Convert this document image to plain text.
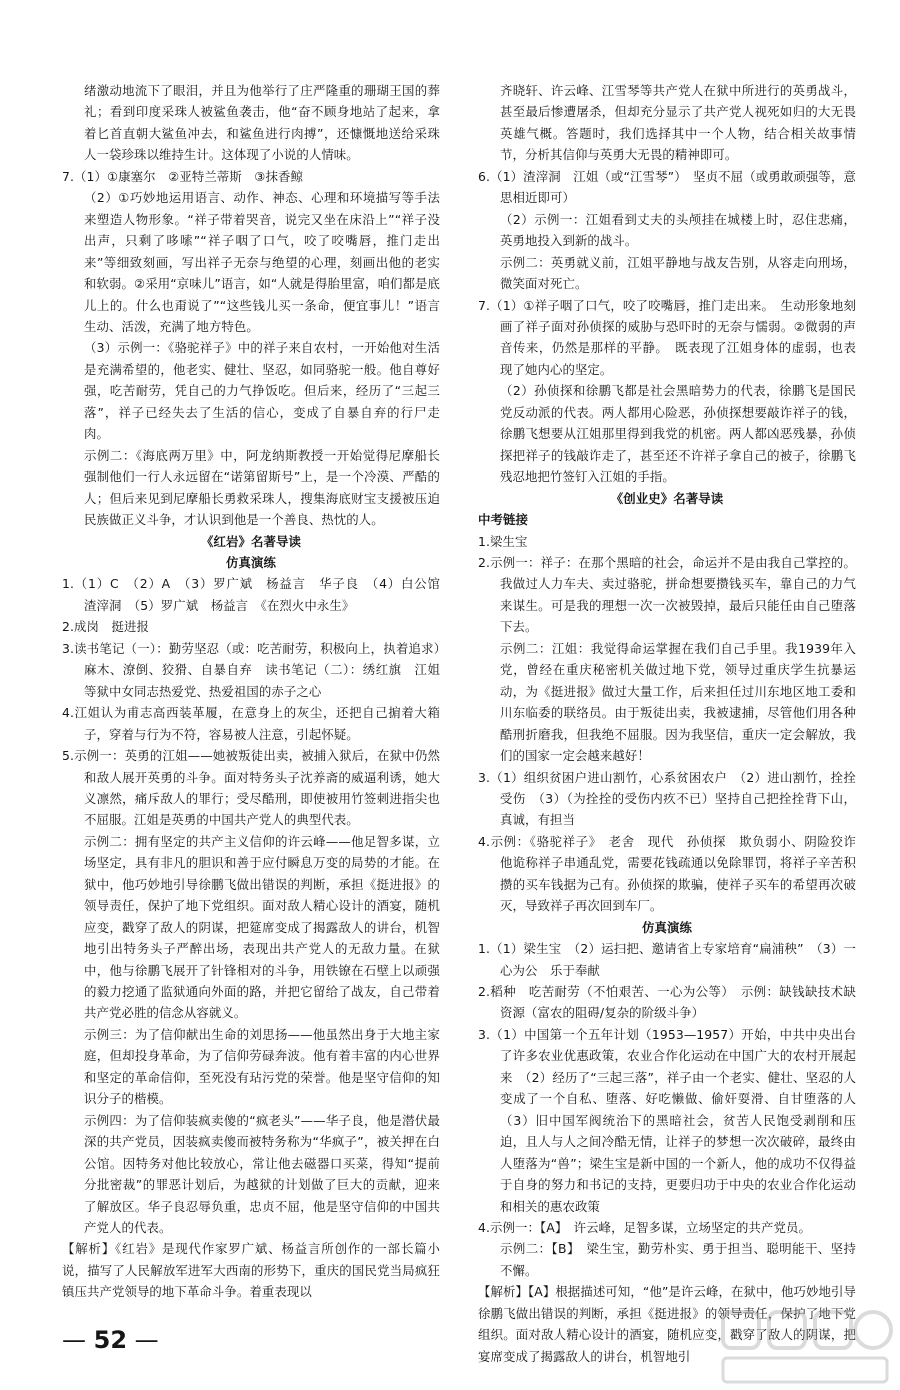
绪激动地流下了眼泪，并且为他举行了庄严隆重的珊瑚王国的葬礼；看到印度采珠人被鲨鱼袭击，他“奋不顾身地站了起来，拿着匕首直朝大鲨鱼冲去，和鲨鱼进行肉搏”，还慷慨地送给采珠人一袋珍珠以维持生计。这体现了小说的人情味。

7.（1）①康塞尔　②亚特兰蒂斯　③抹香鲸

（2）①巧妙地运用语言、动作、神态、心理和环境描写等手法来塑造人物形象。“祥子带着哭音，说完又坐在床沿上”“祥子没出声，只剩了哆嗦”“祥子咽了口气，咬了咬嘴唇，推门走出来”等细致刻画，写出祥子无奈与绝望的心理，刻画出他的老实和软弱。②采用“京味儿”语言，如“人就是得胎里富，咱们都是底儿上的。什么也甭说了”“这些钱儿买一条命，便宜事儿！”语言生动、活泼，充满了地方特色。

（3）示例一：《骆驼祥子》中的祥子来自农村，一开始他对生活是充满希望的，他老实、健壮、坚忍，如同骆驼一般。他自尊好强，吃苦耐劳，凭自己的力气挣饭吃。但后来，经历了“三起三落”，祥子已经失去了生活的信心，变成了自暴自弃的行尸走肉。

示例二：《海底两万里》中，阿龙纳斯教授一开始觉得尼摩船长强制他们一行人永远留在“诺第留斯号”上，是一个冷漠、严酷的人；但后来见到尼摩船长勇救采珠人，搜集海底财宝支援被压迫民族做正义斗争，才认识到他是一个善良、热忱的人。

《红岩》名著导读

仿真演练

1.（1）C　（2）A　（3）罗广斌　杨益言　华子良　（4）白公馆　渣滓洞　（5）罗广斌　杨益言　《在烈火中永生》

2.成岗　挺进报

3.读书笔记（一）：勤劳坚忍（或：吃苦耐劳，积极向上，执着追求）　麻木、潦倒、狡猾、自暴自弃　读书笔记（二）：绣红旗　江姐等狱中女同志热爱党、热爱祖国的赤子之心

4.江姐认为甫志高西装革履，在意身上的灰尘，还把自己掮着大箱子，穿着与行为不符，容易被人注意，引起怀疑。

5.示例一：英勇的江姐——她被叛徒出卖，被捕入狱后，在狱中仍然和敌人展开英勇的斗争。面对特务头子沈养斋的威逼利诱，她大义凛然，痛斥敌人的罪行；受尽酷刑，即使被用竹签刺进指尖也不屈服。江姐是英勇的中国共产党人的典型代表。

示例二：拥有坚定的共产主义信仰的许云峰——他足智多谋，立场坚定，具有非凡的胆识和善于应付瞬息万变的局势的才能。在狱中，他巧妙地引导徐鹏飞做出错误的判断，承担《挺进报》的领导责任，保护了地下党组织。面对敌人精心设计的酒宴，随机应变，戳穿了敌人的阴谋，把筵席变成了揭露敌人的讲台，机智地引出特务头子严醉出场，表现出共产党人的无敌力量。在狱中，他与徐鹏飞展开了针锋相对的斗争，用铁镣在石壁上以顽强的毅力挖通了监狱通向外面的路，并把它留给了战友，自己带着共产党必胜的信念从容就义。

示例三：为了信仰献出生命的刘思扬——他虽然出身于大地主家庭，但却投身革命，为了信仰劳碌奔波。他有着丰富的内心世界和坚定的革命信仰，至死没有玷污党的荣誉。他是坚守信仰的知识分子的楷模。

示例四：为了信仰装疯卖傻的“疯老头”——华子良，他是潜伏最深的共产党员，因装疯卖傻而被特务称为“华疯子”，被关押在白公馆。因特务对他比较放心，常让他去磁器口买菜，得知“提前分批密裁”的罪恶计划后，为越狱的计划做了巨大的贡献，迎来了解放区。华子良忍辱负重，忠贞不屈，他是坚守信仰的中国共产党人的代表。

【解析】《红岩》是现代作家罗广斌、杨益言所创作的一部长篇小说，描写了人民解放军进军大西南的形势下，重庆的国民党当局疯狂镇压共产党领导的地下革命斗争。着重表现以

齐晓轩、许云峰、江雪琴等共产党人在狱中所进行的英勇战斗，甚至最后惨遭屠杀，但却充分显示了共产党人视死如归的大无畏英雄气概。答题时，我们选择其中一个人物，结合相关故事情节，分析其信仰与英勇大无畏的精神即可。

6.（1）渣滓洞　江姐（或“江雪琴”）　坚贞不屈（或勇敢顽强等，意思相近即可）

（2）示例一：江姐看到丈夫的头颅挂在城楼上时，忍住悲痛，英勇地投入到新的战斗。

示例二：英勇就义前，江姐平静地与战友告别，从容走向刑场，微笑面对死亡。

7.（1）①祥子咽了口气，咬了咬嘴唇，推门走出来。　生动形象地刻画了祥子面对孙侦探的威胁与恐吓时的无奈与懦弱。②微弱的声音传来，仍然是那样的平静。　既表现了江姐身体的虚弱，也表现了她内心的坚定。

（2）孙侦探和徐鹏飞都是社会黑暗势力的代表，徐鹏飞是国民党反动派的代表。两人都用心险恶，孙侦探想要敲诈祥子的钱，徐鹏飞想要从江姐那里得到我党的机密。两人都凶恶残暴，孙侦探把祥子的钱敲诈走了，甚至还不许祥子拿自己的被子，徐鹏飞残忍地把竹签钉入江姐的手指。

《创业史》名著导读

中考链接

1.梁生宝

2.示例一：祥子：在那个黑暗的社会，命运并不是由我自己掌控的。我做过人力车夫、卖过骆驼，拼命想要攒钱买车，靠自己的力气来谋生。可是我的理想一次一次被毁掉，最后只能任由自己堕落下去。

示例二：江姐：我觉得命运掌握在我们自己手里。我1939年入党，曾经在重庆秘密机关做过地下党，领导过重庆学生抗暴运动，为《挺进报》做过大量工作，后来担任过川东地区地工委和川东临委的联络员。由于叛徒出卖，我被逮捕，尽管他们用各种酷刑折磨我，但我绝不屈服。因为我坚信，重庆一定会解放，我们的国家一定会越来越好！

3.（1）组织贫困户进山割竹，心系贫困农户　（2）进山割竹，拴拴受伤　（3）（为拴拴的受伤内疚不已）坚持自己把拴拴背下山，真诚，有担当

4.示例：《骆驼祥子》　老舍　现代　孙侦探　欺负弱小、阴险狡诈　他诡称祥子串通乱党，需要花钱疏通以免除罪罚，将祥子辛苦积攒的买车钱据为己有。孙侦探的欺骗，使祥子买车的希望再次破灭，导致祥子再次回到车厂。

仿真演练

1.（1）梁生宝　（2）运扫把、邀请省上专家培育“扁浦秧”　（3）一心为公　乐于奉献

2.稻种　吃苦耐劳（不怕艰苦、一心为公等）　示例：缺钱缺技术缺资源（富农的阻碍/复杂的阶级斗争）

3.（1）中国第一个五年计划（1953—1957）开始，中共中央出台了许多农业优惠政策，农业合作化运动在中国广大的农村开展起来　（2）经历了“三起三落”，祥子由一个老实、健壮、坚忍的人变成了一个自私、堕落、好吃懒做、偷奸耍滑、自甘堕落的人　（3）旧中国军阀统治下的黑暗社会，贫苦人民饱受剥削和压迫，且人与人之间冷酷无情，让祥子的梦想一次次破碎，最终由人堕落为“兽”；梁生宝是新中国的一个新人，他的成功不仅得益于自身的努力和书记的支持，更要归功于中央的农业合作化运动和相关的惠农政策

4.示例一：【A】　许云峰，足智多谋，立场坚定的共产党员。

示例二：【B】　梁生宝，勤劳朴实、勇于担当、聪明能干、坚持不懈。

【解析】【A】根据描述可知，“他”是许云峰，在狱中，他巧妙地引导徐鹏飞做出错误的判断，承担《挺进报》的领导责任，保护了地下党组织。面对敌人精心设计的酒宴，随机应变，戳穿了敌人的阴谋，把宴席变成了揭露敌人的讲台，机智地引

— 52 —
